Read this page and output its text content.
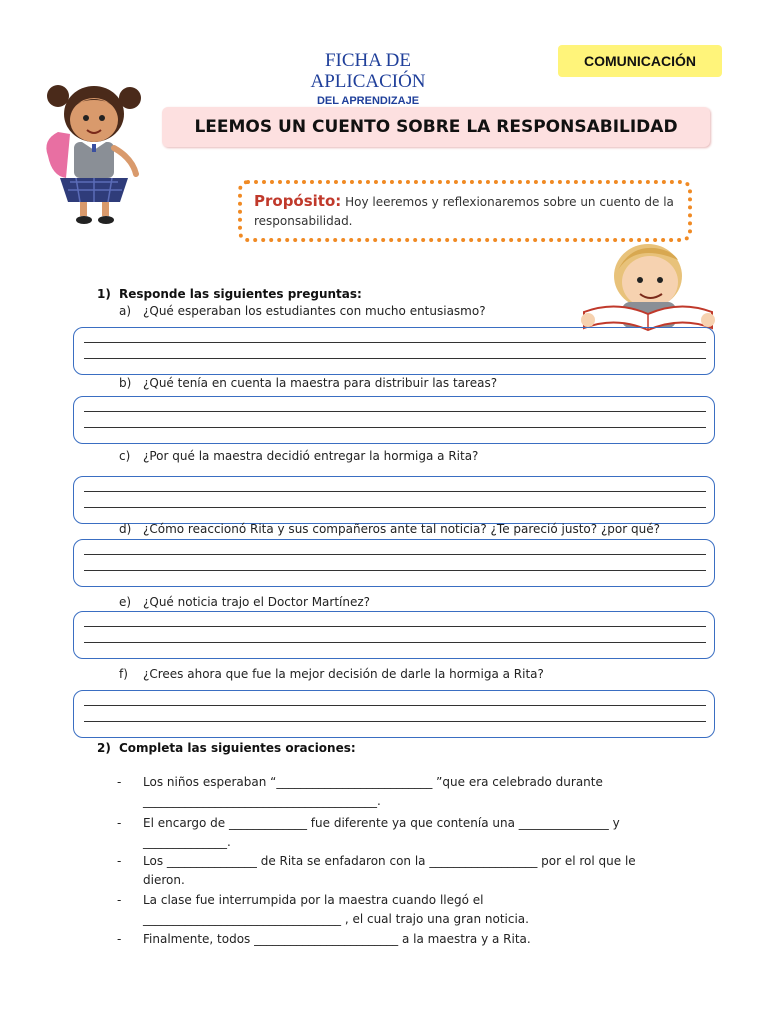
FICHA DE
APLICACIÓN
DEL APRENDIZAJE
COMUNICACIÓN
LEEMOS UN CUENTO SOBRE LA RESPONSABILIDAD
Propósito: Hoy leeremos y reflexionaremos sobre un cuento de la responsabilidad.
1) Responde las siguientes preguntas:
a) ¿Qué esperaban los estudiantes con mucho entusiasmo?
b) ¿Qué tenía en cuenta la maestra para distribuir las tareas?
c) ¿Por qué la maestra decidió entregar la hormiga a Rita?
d) ¿Cómo reaccionó Rita y sus compañeros ante tal noticia? ¿Te pareció justo? ¿por qué?
e) ¿Qué noticia trajo el Doctor Martínez?
f) ¿Crees ahora que fue la mejor decisión de darle la hormiga a Rita?
2) Completa las siguientes oraciones:
- Los niños esperaban “__________________________ ”que era celebrado durante
_______________________________________.
- El encargo de _____________ fue diferente ya que contenía una _______________ y
______________.
- Los _______________ de Rita se enfadaron con la __________________ por el rol que le
dieron.
- La clase fue interrumpida por la maestra cuando llegó el
_________________________________ , el cual trajo una gran noticia.
- Finalmente, todos ________________________ a la maestra y a Rita.
